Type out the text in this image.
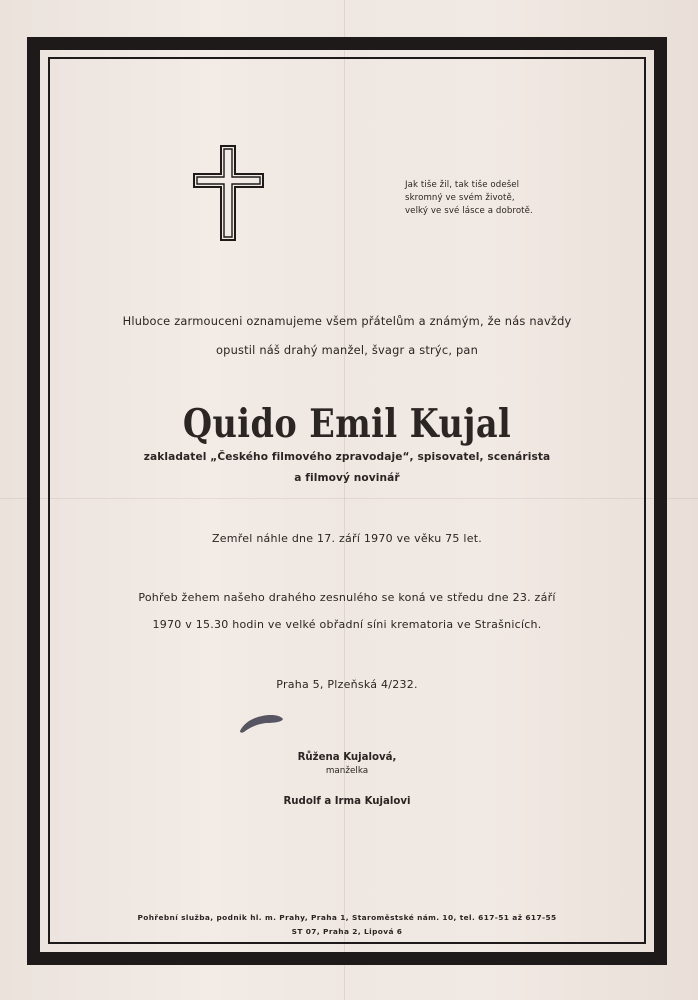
Jak tiše žil, tak tiše odešel
skromný ve svém životě,
velký ve své lásce a dobrotě.
Hluboce zarmouceni oznamujeme všem přátelům a známým, že nás navždy
opustil náš drahý manžel, švagr a strýc, pan
Quido Emil Kujal
zakladatel „Českého filmového zpravodaje“, spisovatel, scenárista
a filmový novinář
Zemřel náhle dne 17. září 1970 ve věku 75 let.
Pohřeb žehem našeho drahého zesnulého se koná ve středu dne 23. září
1970 v 15.30 hodin ve velké obřadní síni krematoria ve Strašnicích.
Praha 5, Plzeňská 4/232.
Růžena Kujalová,
manželka
Rudolf a Irma Kujalovi
Pohřební služba, podnik hl. m. Prahy, Praha 1, Staroměstské nám. 10, tel. 617-51 až 617-55
ST 07, Praha 2, Lipová 6
